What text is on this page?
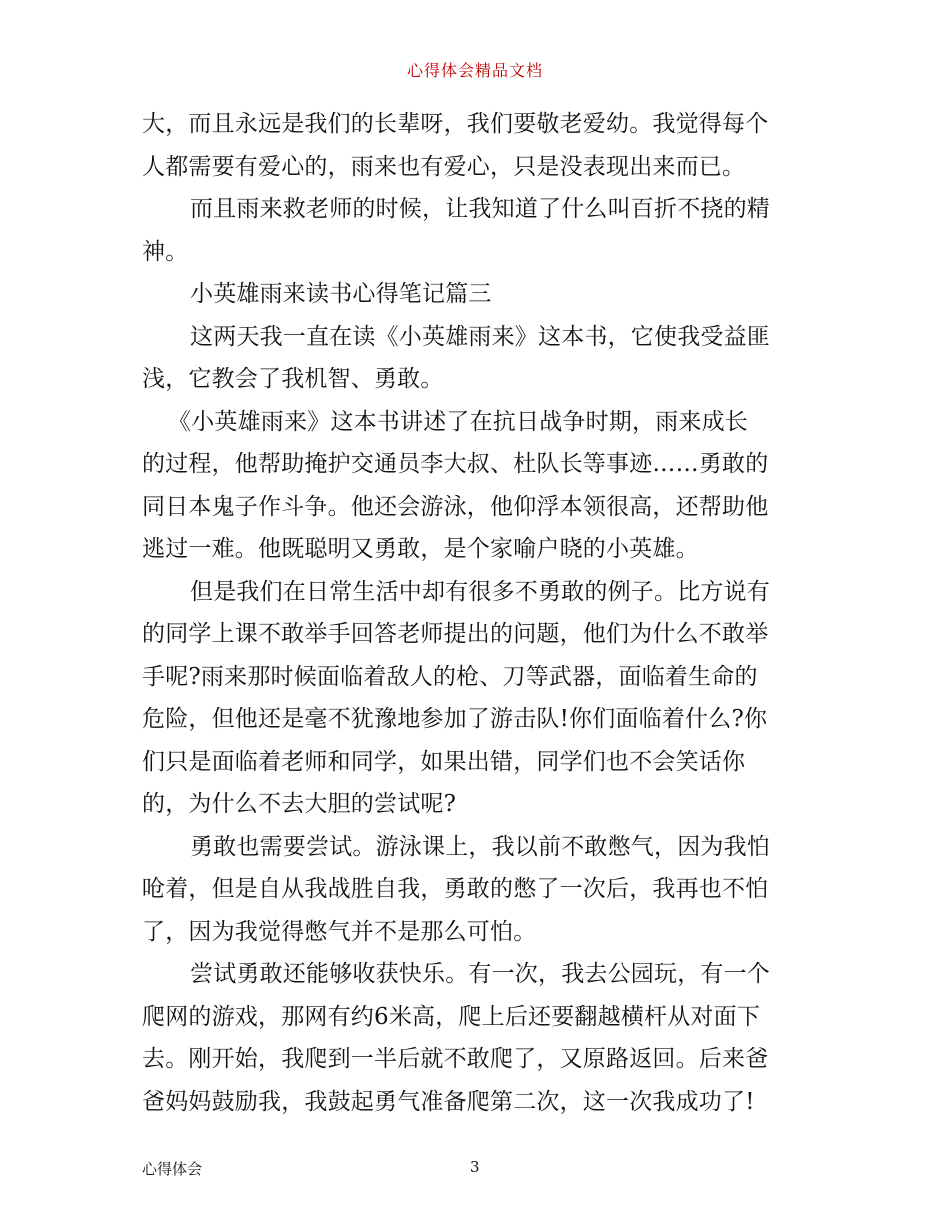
心得体会精品文档
大，而且永远是我们的长辈呀，我们要敬老爱幼。我觉得每个
人都需要有爱心的，雨来也有爱心，只是没表现出来而已。
而且雨来救老师的时候，让我知道了什么叫百折不挠的精
神。
小英雄雨来读书心得笔记篇三
这两天我一直在读《小英雄雨来》这本书，它使我受益匪
浅，它教会了我机智、勇敢。
《小英雄雨来》这本书讲述了在抗日战争时期，雨来成长
的过程，他帮助掩护交通员李大叔、杜队长等事迹……勇敢的
同日本鬼子作斗争。他还会游泳，他仰浮本领很高，还帮助他
逃过一难。他既聪明又勇敢，是个家喻户晓的小英雄。
但是我们在日常生活中却有很多不勇敢的例子。比方说有
的同学上课不敢举手回答老师提出的问题，他们为什么不敢举
手呢?雨来那时候面临着敌人的枪、刀等武器，面临着生命的
危险，但他还是毫不犹豫地参加了游击队!你们面临着什么?你
们只是面临着老师和同学，如果出错，同学们也不会笑话你
的，为什么不去大胆的尝试呢?
勇敢也需要尝试。游泳课上，我以前不敢憋气，因为我怕
呛着，但是自从我战胜自我，勇敢的憋了一次后，我再也不怕
了，因为我觉得憋气并不是那么可怕。
尝试勇敢还能够收获快乐。有一次，我去公园玩，有一个
爬网的游戏，那网有约6米高，爬上后还要翻越横杆从对面下
去。刚开始，我爬到一半后就不敢爬了，又原路返回。后来爸
爸妈妈鼓励我，我鼓起勇气准备爬第二次，这一次我成功了!
心得体会	3
